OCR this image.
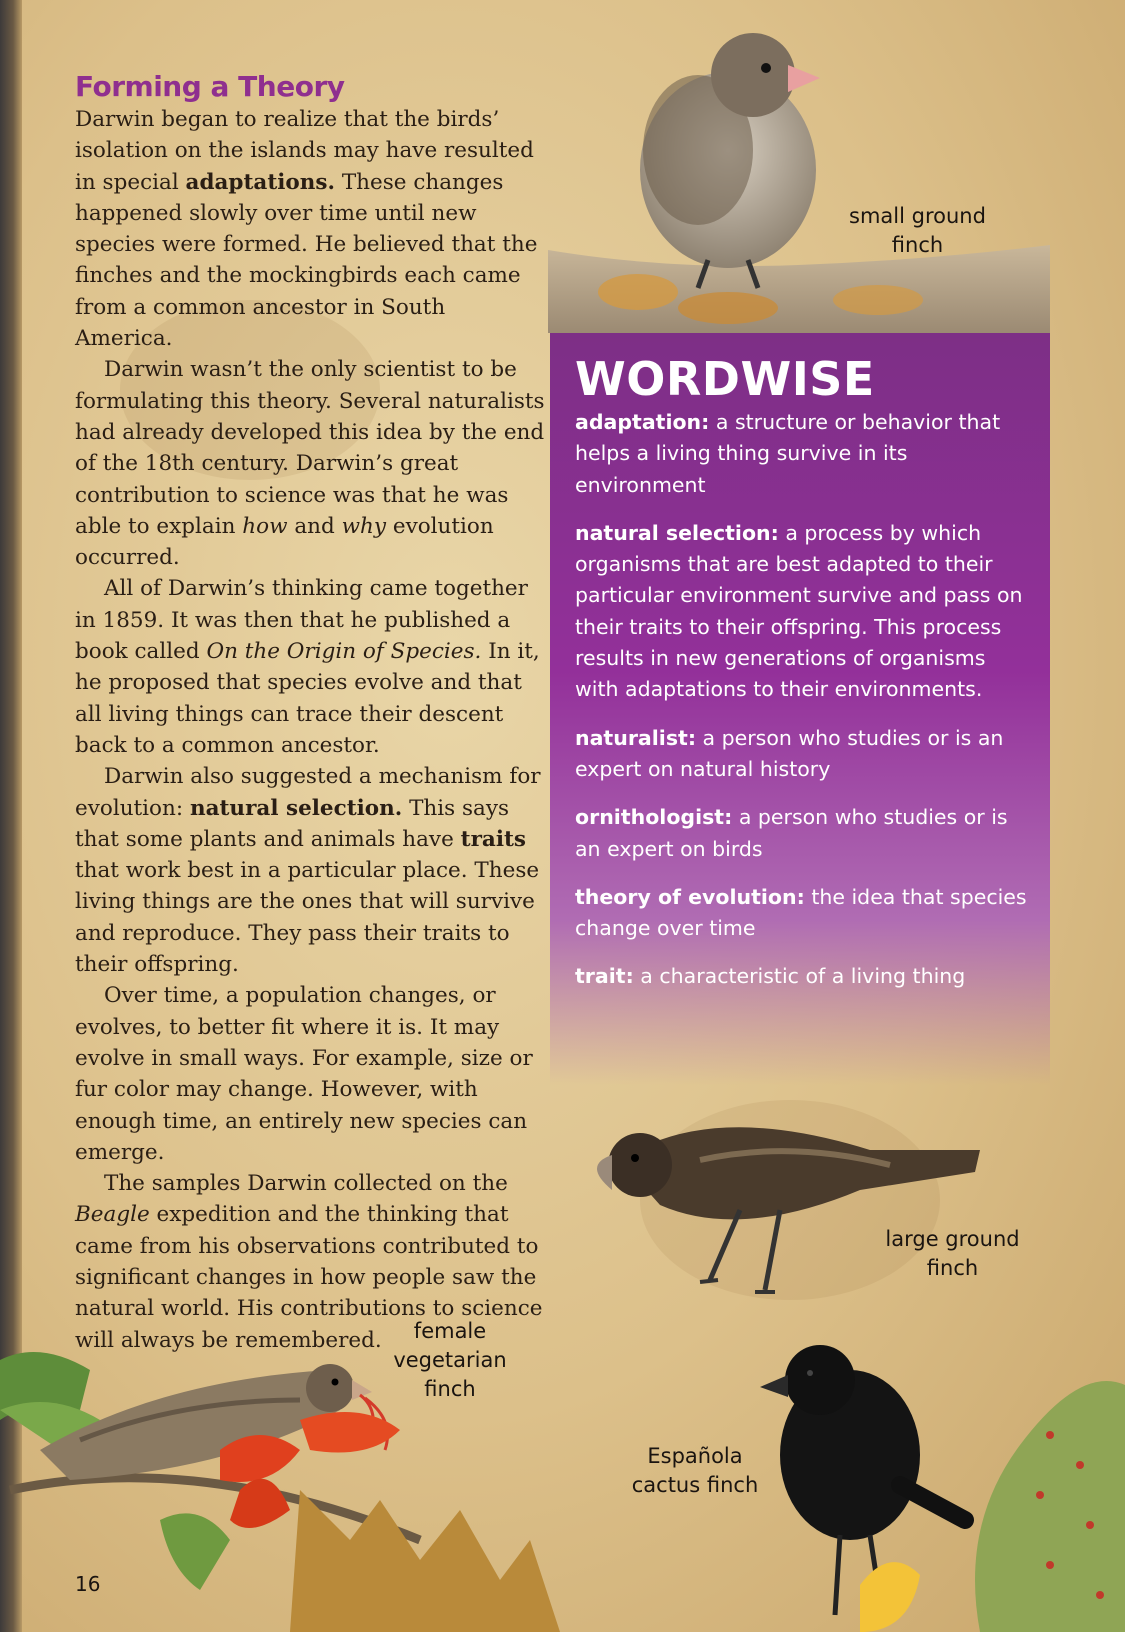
Forming a Theory

Darwin began to realize that the birds’ isolation on the islands may have resulted in special adaptations. These changes happened slowly over time until new species were formed. He believed that the finches and the mockingbirds each came from a common ancestor in South America.

Darwin wasn’t the only scientist to be formulating this theory. Several naturalists had already developed this idea by the end of the 18th century. Darwin’s great contribution to science was that he was able to explain how and why evolution occurred.

All of Darwin’s thinking came together in 1859. It was then that he published a book called On the Origin of Species. In it, he proposed that species evolve and that all living things can trace their descent back to a common ancestor.

Darwin also suggested a mechanism for evolution: natural selection. This says that some plants and animals have traits that work best in a particular place. These living things are the ones that will survive and reproduce. They pass their traits to their offspring.

Over time, a population changes, or evolves, to better fit where it is. It may evolve in small ways. For example, size or fur color may change. However, with enough time, an entirely new species can emerge.

The samples Darwin collected on the Beagle expedition and the thinking that came from his observations contributed to significant changes in how people saw the natural world. His contributions to science will always be remembered.

small ground
finch
WORDWISE

adaptation: a structure or behavior that helps a living thing survive in its environment

natural selection: a process by which organisms that are best adapted to their particular environment survive and pass on their traits to their offspring. This process results in new generations of organisms with adaptations to their environments.

naturalist: a person who studies or is an expert on natural history

ornithologist: a person who studies or is an expert on birds

theory of evolution: the idea that species change over time

trait: a characteristic of a living thing

large ground
finch
female
vegetarian
finch
Española
cactus finch
16
